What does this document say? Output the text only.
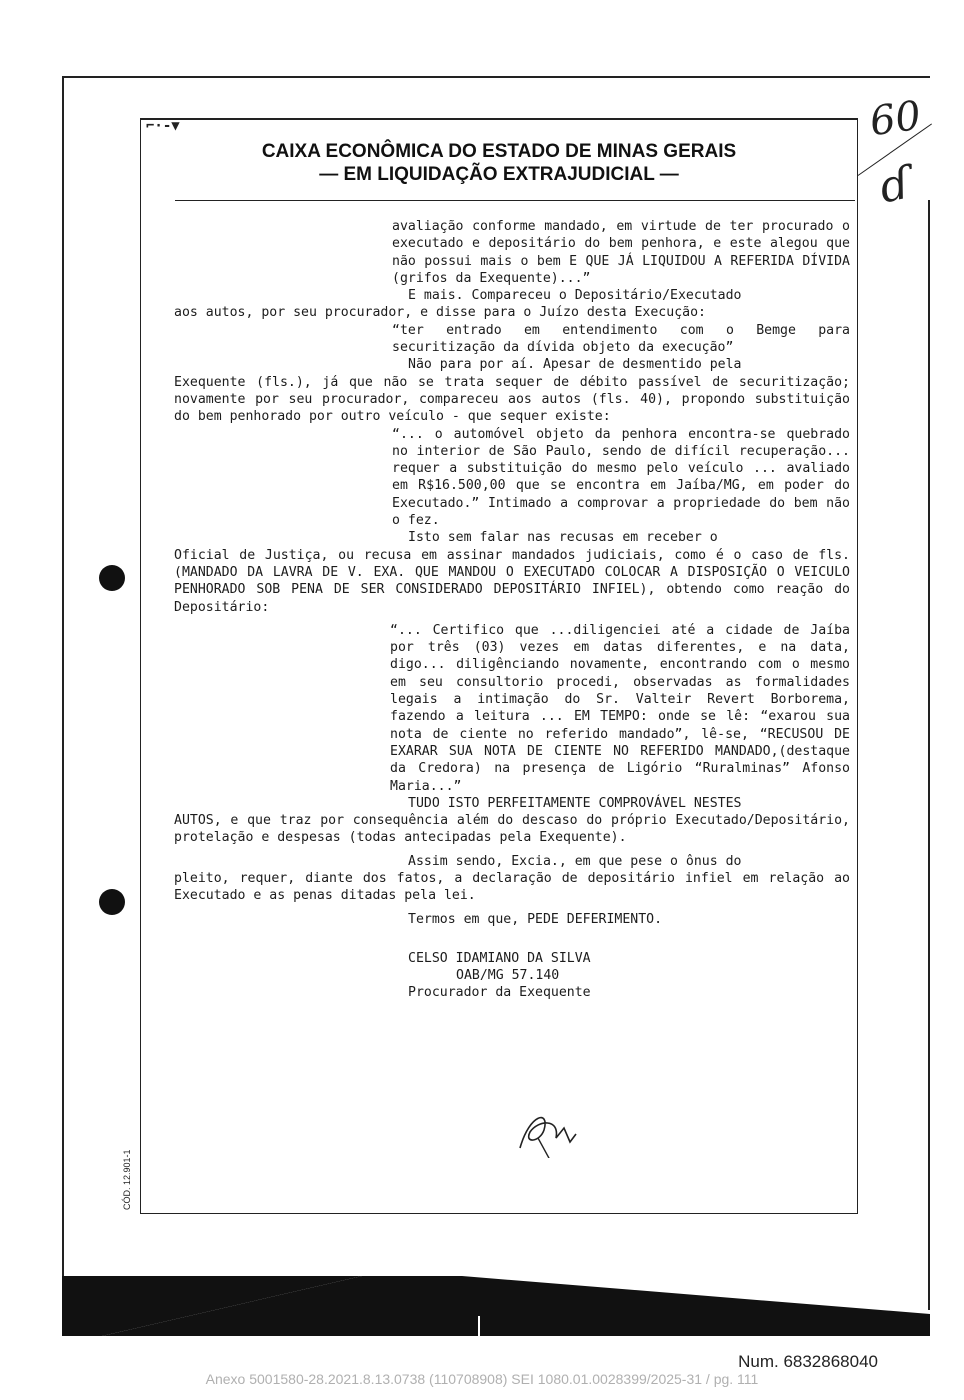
⌐·-▼	60
ɗ
CAIXA ECONÔMICA DO ESTADO DE MINAS GERAIS
— EM LIQUIDAÇÃO EXTRAJUDICIAL —
avaliação conforme mandado, em virtude de ter procurado o executado e depositário do bem penhora, e este alegou que não possui mais o bem E QUE JÁ LIQUIDOU A REFERIDA DÍVIDA (grifos da Exequente)...”
E mais. Compareceu o Depositário/Executado
aos autos, por seu procurador, e disse para o Juízo desta Execução:
“ter entrado em entendimento com o Bemge para securitização da dívida objeto da execução”
Não para por aí. Apesar de desmentido pela
Exequente (fls.), já que não se trata sequer de débito passível de securitização; novamente por seu procurador, compareceu aos autos (fls. 40), propondo substituição do bem penhorado por outro veículo - que sequer existe:
“... o automóvel objeto da penhora encontra-se quebrado no interior de São Paulo, sendo de difícil recuperação... requer a substituição do mesmo pelo veículo ... avaliado em R$16.500,00 que se encontra em Jaíba/MG, em poder do Executado.” Intimado a comprovar a propriedade do bem não o fez.
Isto sem falar nas recusas em receber o
Oficial de Justiça, ou recusa em assinar mandados judiciais, como é o caso de fls. (MANDADO DA LAVRA DE V. EXA. QUE MANDOU O EXECUTADO COLOCAR A DISPOSIÇÃO O VEICULO PENHORADO SOB PENA DE SER CONSIDERADO DEPOSITÁRIO INFIEL), obtendo como reação do Depositário:
“... Certifico que ...diligenciei até a cidade de Jaíba por três (03) vezes em datas diferentes, e na data, digo... diligênciando novamente, encontrando com o mesmo em seu consultorio procedi, observadas as formalidades legais a intimação do Sr. Valteir Revert Borborema, fazendo a leitura ... EM TEMPO: onde se lê: “exarou sua nota de ciente no referido mandado”, lê-se, “RECUSOU DE EXARAR SUA NOTA DE CIENTE NO REFERIDO MANDADO,(destaque da Credora) na presença de Ligório “Ruralminas” Afonso Maria...”
TUDO ISTO PERFEITAMENTE COMPROVÁVEL NESTES
AUTOS, e que traz por consequência além do descaso do próprio Executado/Depositário, protelação e despesas (todas antecipadas pela Exequente).
Assim sendo, Excia., em que pese o ônus do
pleito, requer, diante dos fatos, a declaração de depositário infiel em relação ao Executado e as penas ditadas pela lei.
Termos em que, PEDE DEFERIMENTO.
CELSO IDAMIANO DA SILVA
OAB/MG 57.140
Procurador da Exequente
CÓD. 12.901-1
Num. 6832868040
Anexo 5001580-28.2021.8.13.0738 (110708908) SEI 1080.01.0028399/2025-31 / pg. 111
